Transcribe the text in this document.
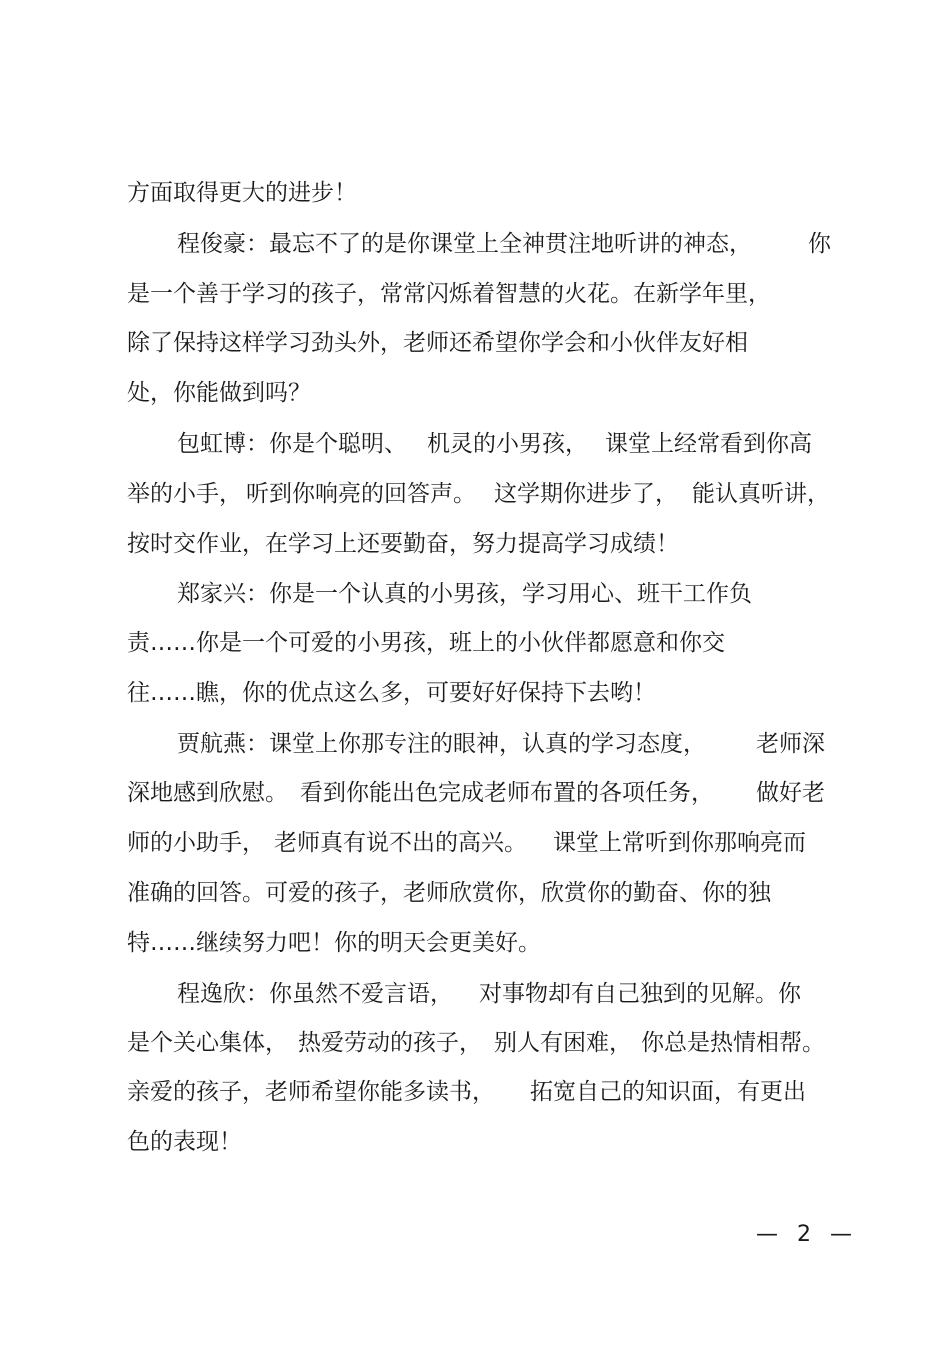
方面取得更大的进步！
程俊豪：最忘不了的是你课堂上全神贯注地听讲的神态， 你
是一个善于学习的孩子，常常闪烁着智慧的火花。在新学年里，
除了保持这样学习劲头外，老师还希望你学会和小伙伴友好相
处，你能做到吗？
包虹博：你是个聪明、 机灵的小男孩， 课堂上经常看到你高
举的小手， 听到你响亮的回答声。 这学期你进步了， 能认真听讲，
按时交作业，在学习上还要勤奋，努力提高学习成绩！
郑家兴：你是一个认真的小男孩，学习用心、班干工作负
责……你是一个可爱的小男孩，班上的小伙伴都愿意和你交
往……瞧，你的优点这么多，可要好好保持下去哟！
贾航燕：课堂上你那专注的眼神，认真的学习态度， 老师深
深地感到欣慰。 看到你能出色完成老师布置的各项任务， 做好老
师的小助手， 老师真有说不出的高兴。 课堂上常听到你那响亮而
准确的回答。可爱的孩子，老师欣赏你，欣赏你的勤奋、你的独
特……继续努力吧！你的明天会更美好。
程逸欣：你虽然不爱言语， 对事物却有自己独到的见解。你
是个关心集体， 热爱劳动的孩子， 别人有困难， 你总是热情相帮。
亲爱的孩子，老师希望你能多读书， 拓宽自己的知识面，有更出
色的表现！
— 2 —
